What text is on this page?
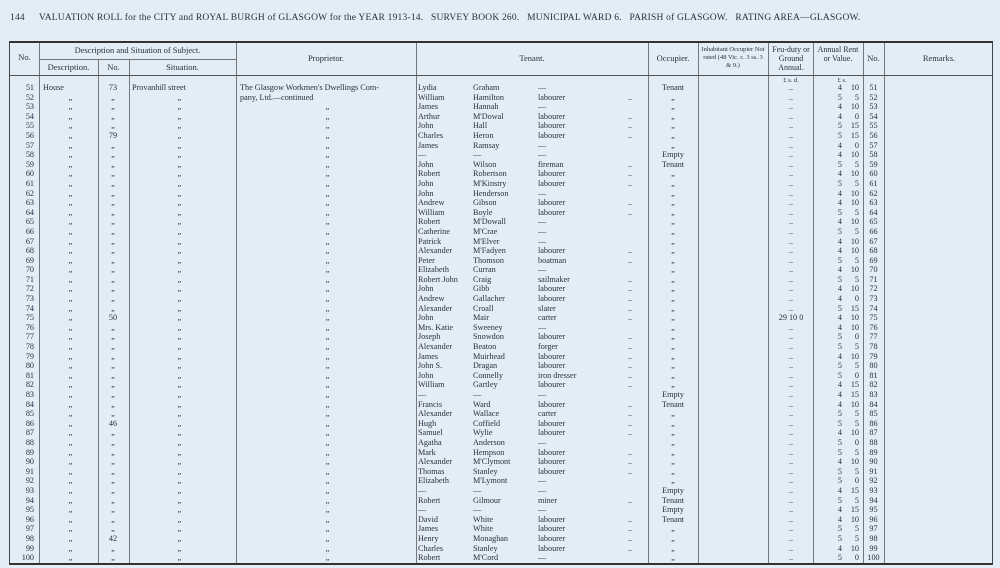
144 VALUATION ROLL for the CITY and ROYAL BURGH of GLASGOW for the YEAR 1913-14.   SURVEY BOOK 260.   MUNICIPAL WARD 6.   PARISH of GLASGOW.   RATING AREA—GLASGOW.
No.
Description and Situation of Subject.
Description.	No.	Situation.
Proprietor.	Tenant.	Occupier.
Inhabitant Occupier Not rated (48 Vic. c. 3 ss. 3 & 9.)
Annual Rent or Value.
Feu-duty or Ground Annual.
No.	Remarks.
£ s. d.	£ s.
51 House	73	Provanhill street	The Glasgow Workmen's Dwellings Com-	Lydia	Graham	—	Tenant	..	4	10	51
52	„	„	„	pany, Ltd.—continued	William	Hamilton	labourer	„	..	5	5	52
..
53	„	„	„	„	James	Hannah	—	„	..	4	10	53
54	„	„	„	„	Arthur	M'Dowal	labourer	„	..	4	0	54
..
55	„	„	„	„	John	Hall	labourer	„	..	5	15	55
..
56	„	79	„	„	Charles	Heron	labourer	„	..	5	15	56
..
57	„	„	„	„	James	Ramsay	—	„	..	4	0	57
58	„	„	„	„	—	—	—	Empty	..	4	10	58
59	„	„	„	„	John	Wilson	fireman	Tenant	..	5	5	59
..
60	„	„	„	„	Robert	Robertson	labourer	„	..	4	10	60
..
61	„	„	„	„	John	M'Kinstry	labourer	„	..	5	5	61
..
62	„	„	„	„	John	Henderson	—	„	..	4	10	62
63	„	„	„	„	Andrew	Gibson	labourer	„	..	4	10	63
..
64	„	„	„	„	William	Boyle	labourer	„	..	5	5	64
..
65	„	„	„	„	Robert	M'Dowall	—	„	..	4	10	65
66	„	„	„	„	Catherine	M'Crae	—	„	..	5	5	66
67	„	„	„	„	Patrick	M'Elver	—	„	..	4	10	67
68	„	„	„	„	Alexander	M'Fadyen	labourer	„	..	4	10	68
..
69	„	„	„	„	Peter	Thomson	boatman	„	..	5	5	69
..
70	„	„	„	„	Elizabeth	Curran	—	„	..	4	10	70
71	„	„	„	„	Robert John	Craig	sailmaker	„	..	5	5	71
..
72	„	„	„	„	John	Gibb	labourer	„	..	4	10	72
..
73	„	„	„	„	Andrew	Gallacher	labourer	„	..	4	0	73
..
74	„	„	„	„	Alexander	Croall	slater	„	..	5	15	74
..
75	„	50	„	„	John	Mair	carter	„	29 10 0	4	10	75
..
76	„	„	„	„	Mrs. Katie	Sweeney	—	„	..	4	10	76
77	„	„	„	„	Joseph	Snowdon	labourer	„	..	5	0	77
..
78	„	„	„	„	Alexander	Beaton	forger	„	..	5	5	78
..
79	„	„	„	„	James	Muirhead	labourer	„	..	4	10	79
..
80	„	„	„	„	John S.	Dragan	labourer	„	..	5	5	80
..
81	„	„	„	„	John	Connelly	iron dresser	„	..	5	0	81
..
82	„	„	„	„	William	Gartley	labourer	„	..	4	15	82
..
83	„	„	„	„	—	—	—	Empty	..	4	15	83
84	„	„	„	„	Francis	Ward	labourer	Tenant	..	4	10	84
..
85	„	„	„	„	Alexander	Wallace	carter	„	..	5	5	85
..
86	„	46	„	„	Hugh	Coffield	labourer	„	..	5	5	86
..
87	„	„	„	„	Samuel	Wylie	labourer	„	..	4	10	87
..
88	„	„	„	„	Agatha	Anderson	—	„	..	5	0	88
89	„	„	„	„	Mark	Hempson	labourer	„	..	5	5	89
..
90	„	„	„	„	Alexander	M'Clymont	labourer	„	..	4	10	90
..
91	„	„	„	„	Thomas	Stanley	labourer	„	..	5	5	91
..
92	„	„	„	„	Elizabeth	M'Lymont	—	„	..	5	0	92
93	„	„	„	„	—	—	—	Empty	..	4	15	93
94	„	„	„	„	Robert	Gilmour	miner	Tenant	..	5	5	94
..
95	„	„	„	„	—	—	—	Empty	..	4	15	95
96	„	„	„	„	David	White	labourer	Tenant	..	4	10	96
..
97	„	„	„	„	James	White	labourer	„	..	5	5	97
..
98	„	42	„	„	Henry	Monaghan	labourer	„	..	5	5	98
..
99	„	„	„	„	Charles	Stanley	labourer	„	..	4	10	99
..
100	„	„	„	„	Robert	M'Cord	—	„	..	5	0	100
